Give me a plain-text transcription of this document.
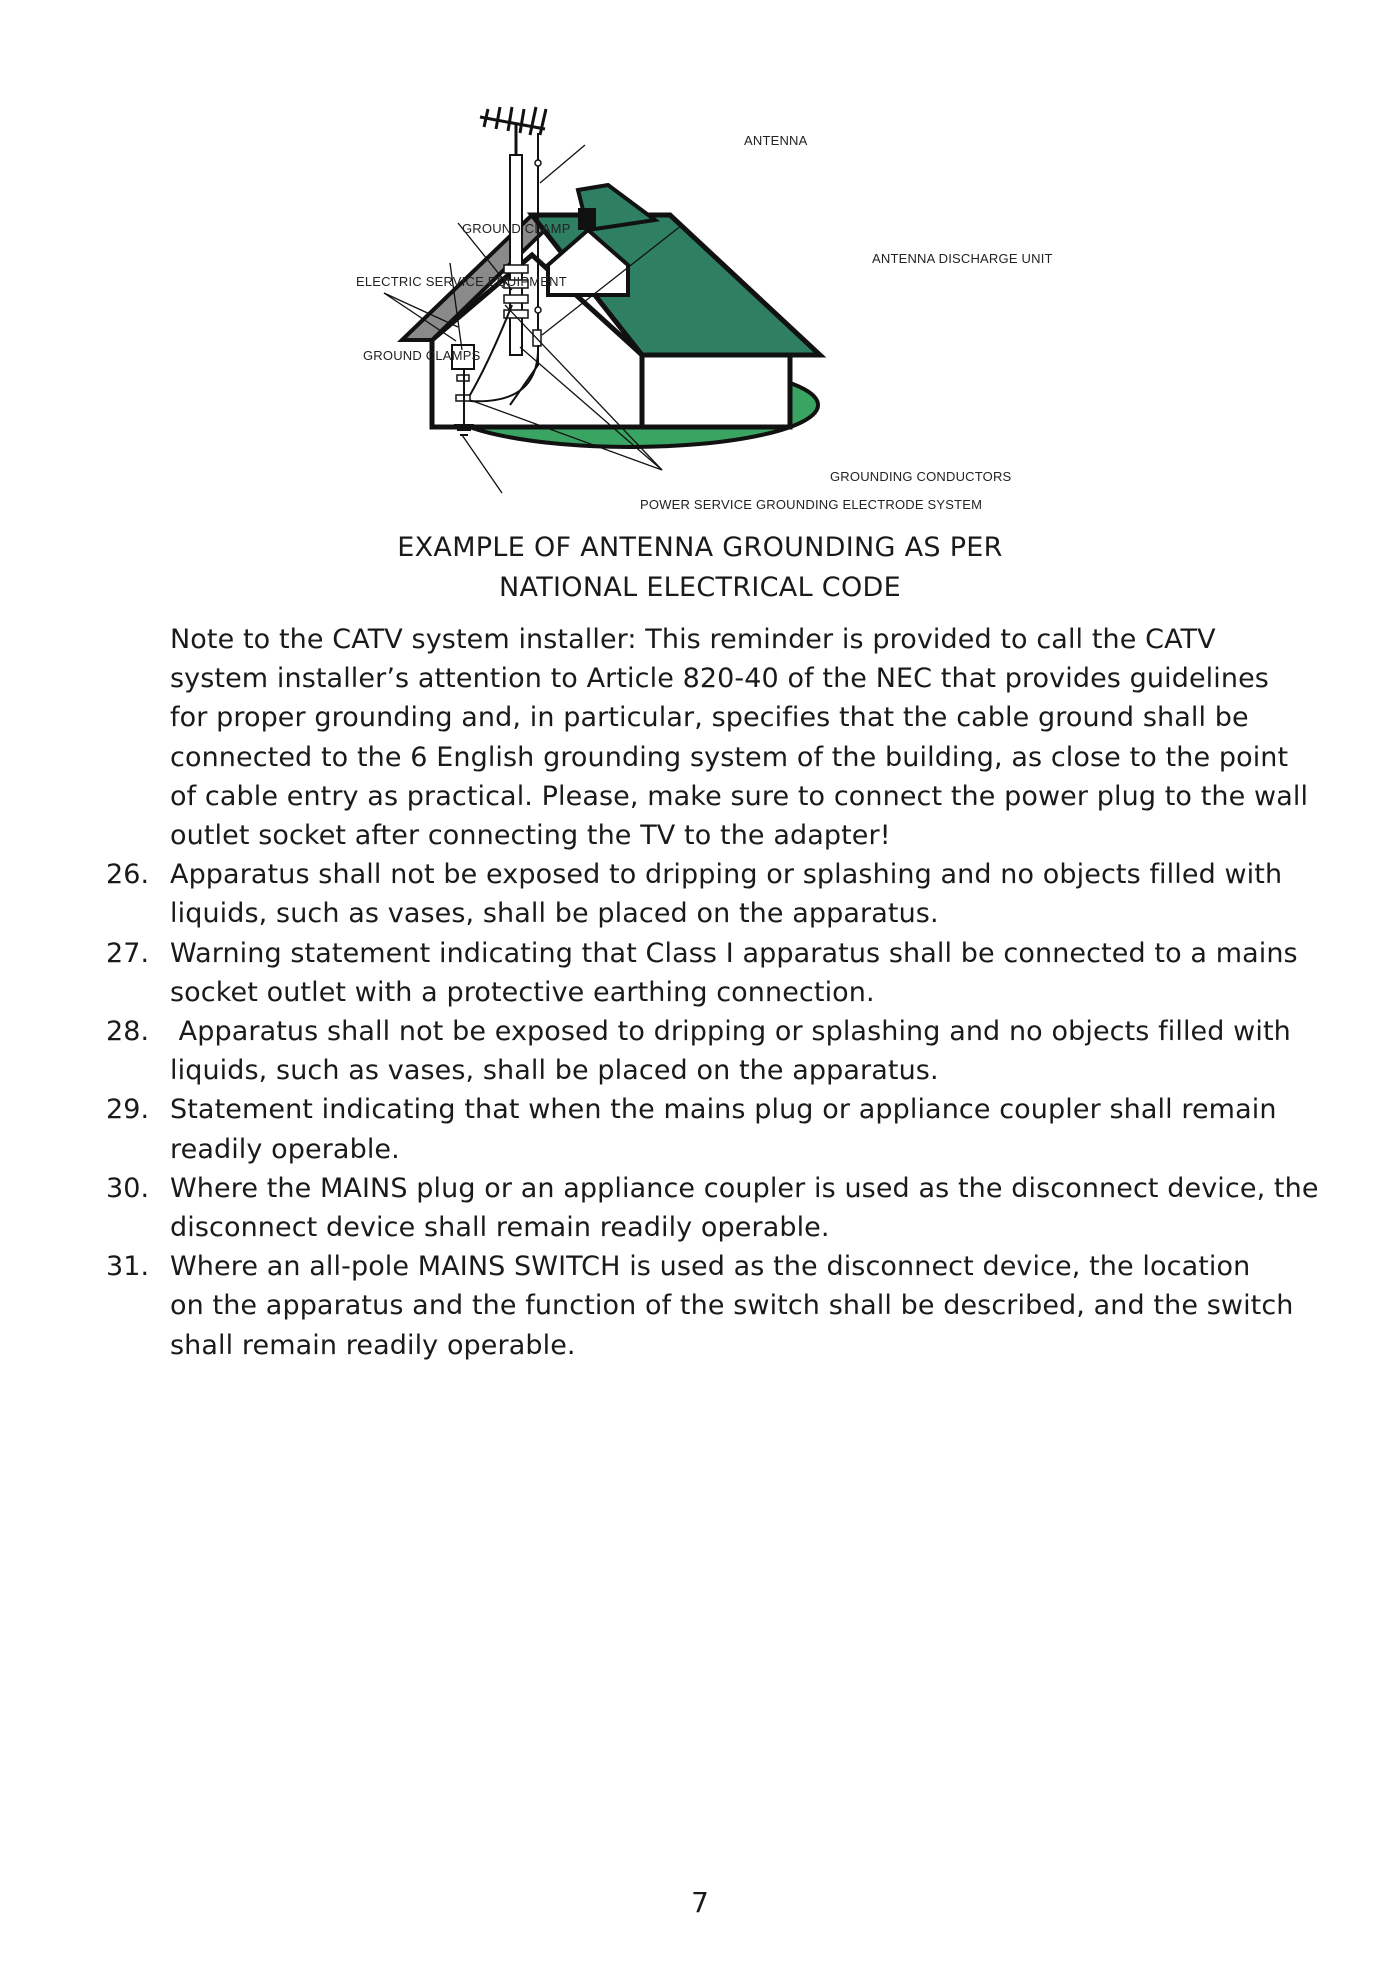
ANTENNA
GROUND CLAMP
ANTENNA DISCHARGE UNIT
ELECTRIC SERVICE EQUIPMENT
GROUND CLAMPS
GROUNDING CONDUCTORS
POWER SERVICE GROUNDING ELECTRODE SYSTEM
EXAMPLE OF ANTENNA GROUNDING AS PER
NATIONAL ELECTRICAL CODE
Note to the CATV system installer: This reminder is provided to call the CATV
system installer’s attention to Article 820-40 of the NEC that provides guidelines
for proper grounding and, in particular, specifies that the cable ground shall be
connected to the 6 English grounding system of the building, as close to the point
of cable entry as practical. Please, make sure to connect the power plug to the wall
outlet socket after connecting the TV to the adapter!
26. Apparatus shall not be exposed to dripping or splashing and no objects filled with
liquids, such as vases, shall be placed on the apparatus.
27. Warning statement indicating that Class I apparatus shall be connected to a mains
socket outlet with a protective earthing connection.
28. Apparatus shall not be exposed to dripping or splashing and no objects filled with
liquids, such as vases, shall be placed on the apparatus.
29. Statement indicating that when the mains plug or appliance coupler shall remain
readily operable.
30. Where the MAINS plug or an appliance coupler is used as the disconnect device, the
disconnect device shall remain readily operable.
31. Where an all-pole MAINS SWITCH is used as the disconnect device, the location
on the apparatus and the function of the switch shall be described, and the switch
shall remain readily operable.
7
